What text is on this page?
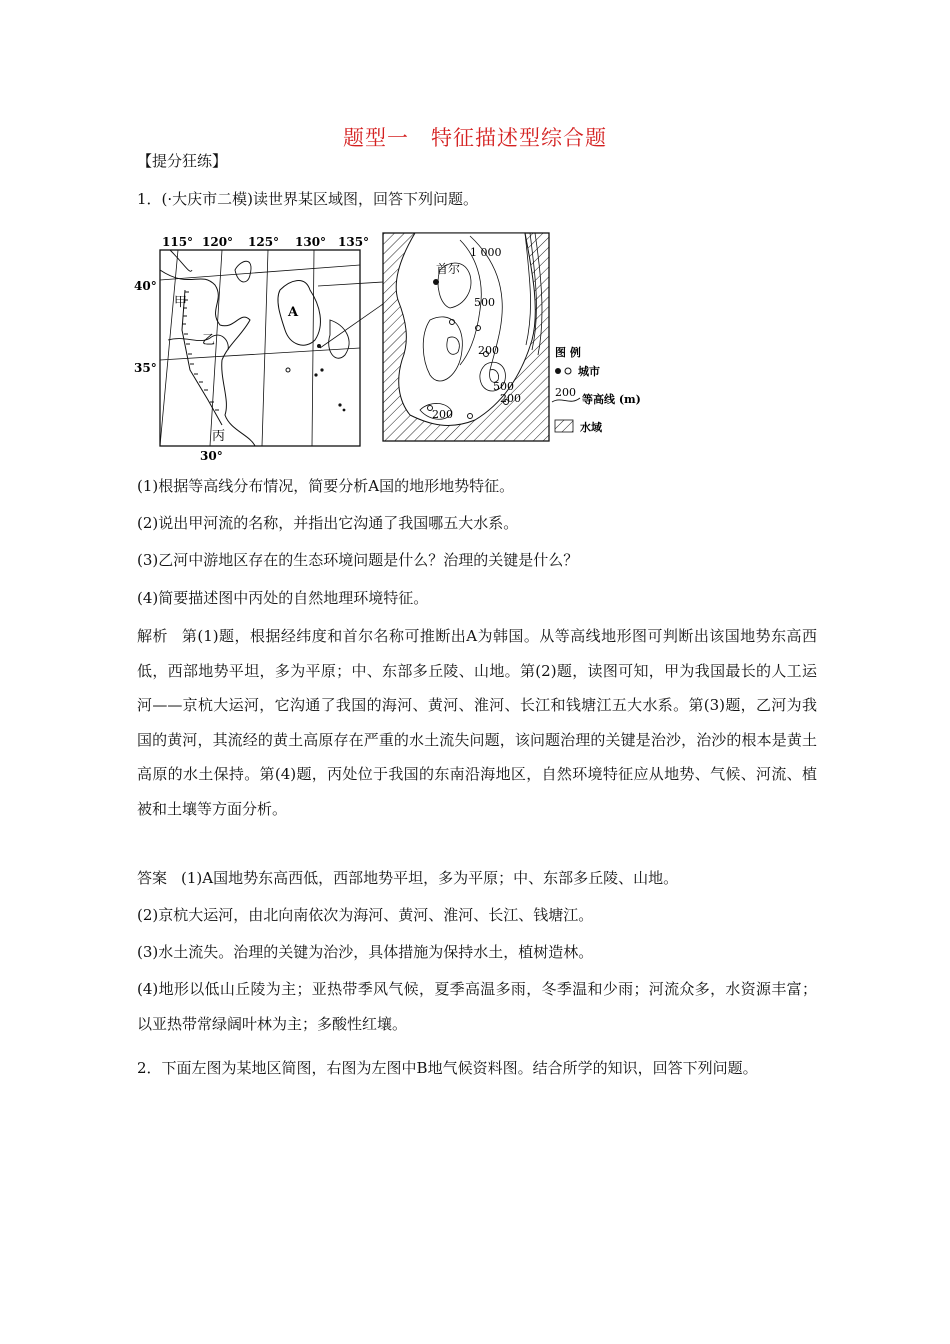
题型一　特征描述型综合题
【提分狂练】
1．(·大庆市二模)读世界某区域图，回答下列问题。
115° 120° 125° 130° 135°
40°
35°
30°
A
甲
乙
丙
首尔
1 000
500
200
500
200
200
图 例
城市
200
等高线 (m)
水域
(1)根据等高线分布情况，简要分析A国的地形地势特征。
(2)说出甲河流的名称，并指出它沟通了我国哪五大水系。
(3)乙河中游地区存在的生态环境问题是什么？治理的关键是什么？
(4)简要描述图中丙处的自然地理环境特征。
解析 第(1)题，根据经纬度和首尔名称可推断出A为韩国。从等高线地形图可判断出该国地势东高西低，西部地势平坦，多为平原；中、东部多丘陵、山地。第(2)题，读图可知，甲为我国最长的人工运河——京杭大运河，它沟通了我国的海河、黄河、淮河、长江和钱塘江五大水系。第(3)题，乙河为我国的黄河，其流经的黄土高原存在严重的水土流失问题，该问题治理的关键是治沙，治沙的根本是黄土高原的水土保持。第(4)题，丙处位于我国的东南沿海地区，自然环境特征应从地势、气候、河流、植被和土壤等方面分析。
答案 (1)A国地势东高西低，西部地势平坦，多为平原；中、东部多丘陵、山地。
(2)京杭大运河，由北向南依次为海河、黄河、淮河、长江、钱塘江。
(3)水土流失。治理的关键为治沙，具体措施为保持水土，植树造林。
(4)地形以低山丘陵为主；亚热带季风气候，夏季高温多雨，冬季温和少雨；河流众多，水资源丰富；以亚热带常绿阔叶林为主；多酸性红壤。
2．下面左图为某地区简图，右图为左图中B地气候资料图。结合所学的知识，回答下列问题。
